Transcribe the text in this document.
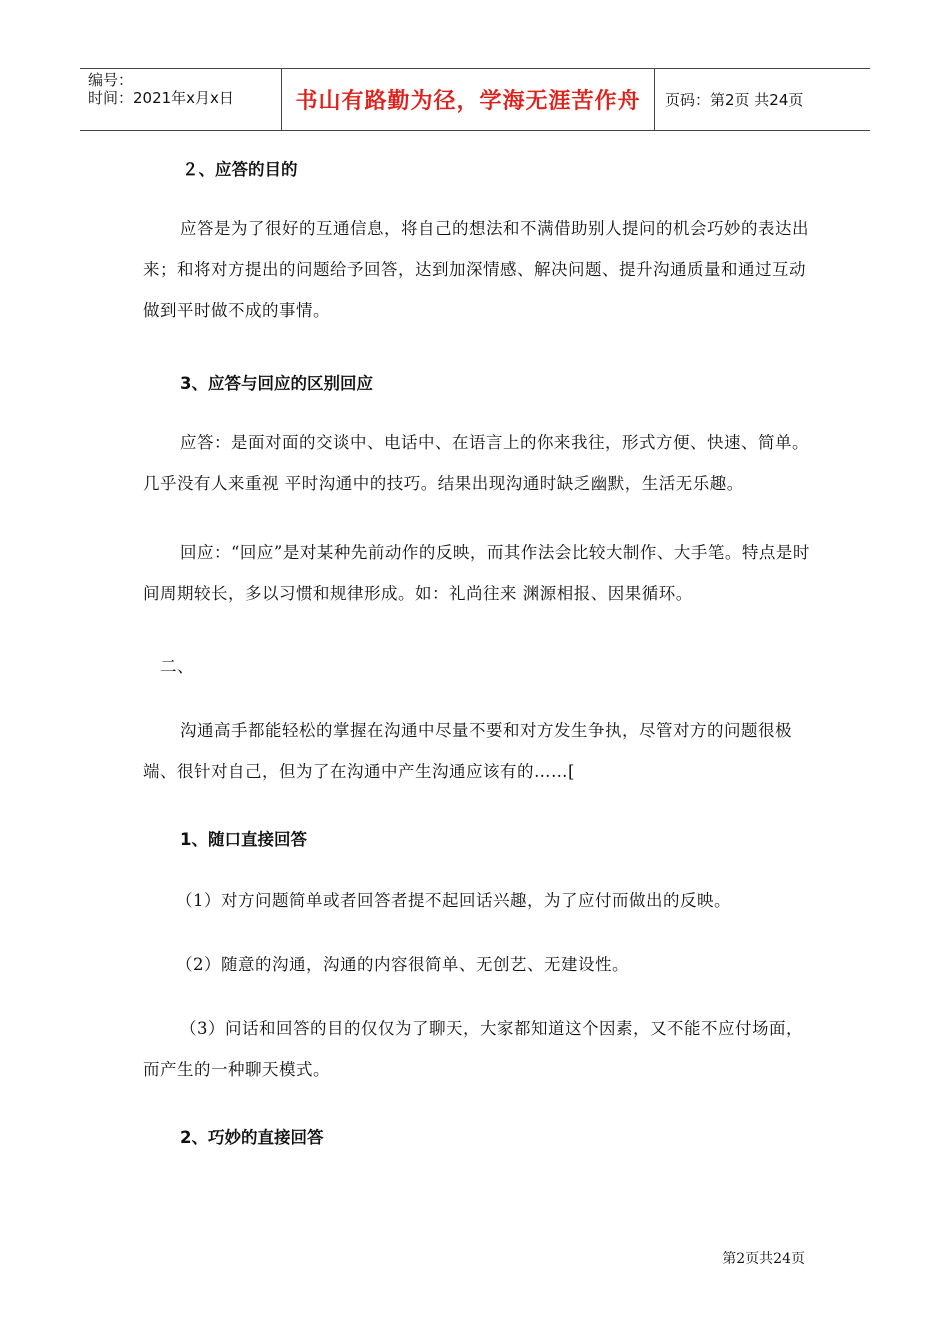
编号：
时间：2021年x月x日	书山有路勤为径，学海无涯苦作舟 页码：第2页 共24页
２、应答的目的
应答是为了很好的互通信息，将自己的想法和不满借助别人提问的机会巧妙的表达出来；和将对方提出的问题给予回答，达到加深情感、解决问题、提升沟通质量和通过互动做到平时做不成的事情。
3、应答与回应的区别回应
应答：是面对面的交谈中、电话中、在语言上的你来我往，形式方便、快速、简单。几乎没有人来重视 平时沟通中的技巧。结果出现沟通时缺乏幽默，生活无乐趣。
回应：“回应”是对某种先前动作的反映，而其作法会比较大制作、大手笔。特点是时间周期较长，多以习惯和规律形成。如：礼尚往来 渊源相报、因果循环。
二、
沟通高手都能轻松的掌握在沟通中尽量不要和对方发生争执，尽管对方的问题很极端、很针对自己，但为了在沟通中产生沟通应该有的……[
1、随口直接回答
（1）对方问题简单或者回答者提不起回话兴趣，为了应付而做出的反映。
（2）随意的沟通，沟通的内容很简单、无创艺、无建设性。
（3）问话和回答的目的仅仅为了聊天，大家都知道这个因素，又不能不应付场面，而产生的一种聊天模式。
2、巧妙的直接回答
第2页共24页
